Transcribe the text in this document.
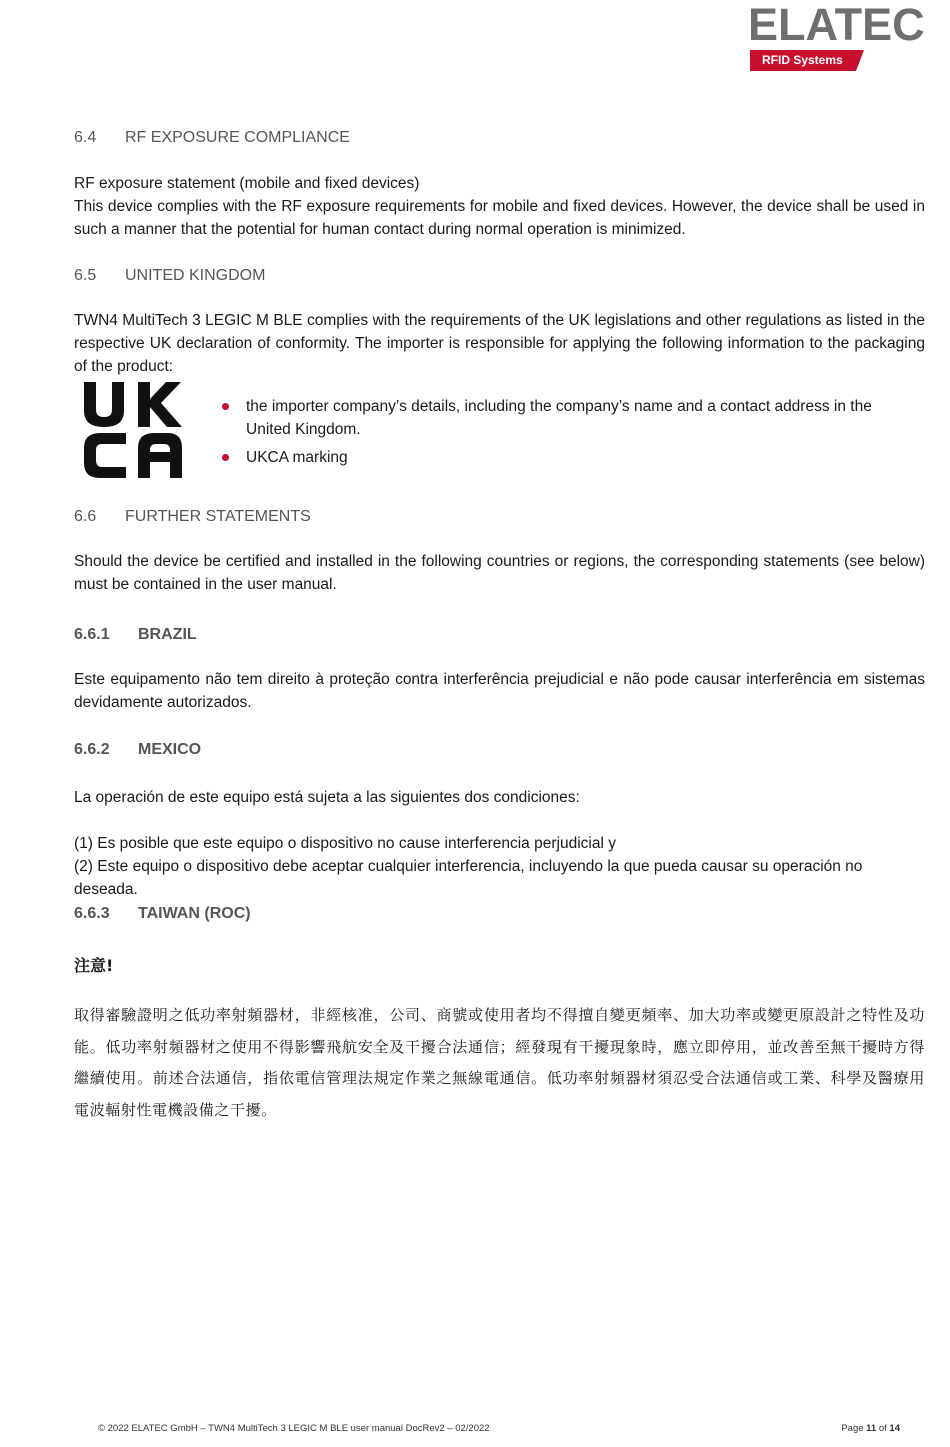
ELATEC
RFID Systems
6.4 RF EXPOSURE COMPLIANCE

RF exposure statement (mobile and fixed devices)

This device complies with the RF exposure requirements for mobile and fixed devices. However, the device shall be used in such a manner that the potential for human contact during normal operation is minimized.

6.5 UNITED KINGDOM

TWN4 MultiTech 3 LEGIC M BLE complies with the requirements of the UK legislations and other regulations as listed in the respective UK declaration of conformity. The importer is responsible for applying the following information to the packaging of the product:

the importer company’s details, including the company’s name and a contact address in the United Kingdom.
UKCA marking
6.6 FURTHER STATEMENTS

Should the device be certified and installed in the following countries or regions, the corresponding statements (see below) must be contained in the user manual.

6.6.1 BRAZIL

Este equipamento não tem direito à proteção contra interferência prejudicial e não pode causar interferência em sistemas devidamente autorizados.

6.6.2 MEXICO

La operación de este equipo está sujeta a las siguientes dos condiciones:

(1) Es posible que este equipo o dispositivo no cause interferencia perjudicial y

(2) Este equipo o dispositivo debe aceptar cualquier interferencia, incluyendo la que pueda causar su operación no deseada.

6.6.3 TAIWAN (ROC)
注意!

取得審驗證明之低功率射頻器材，非經核准，公司、商號或使用者均不得擅自變更頻率、加大功率或變更原設計之特性及功能。低功率射頻器材之使用不得影響飛航安全及干擾合法通信；經發現有干擾現象時，應立即停用，並改善至無干擾時方得繼續使用。前述合法通信，指依電信管理法規定作業之無線電通信。低功率射頻器材須忍受合法通信或工業、科學及醫療用電波輻射性電機設備之干擾。

© 2022 ELATEC GmbH – TWN4 MultiTech 3 LEGIC M BLE user manual DocRev2 – 02/2022	Page 11 of 14
